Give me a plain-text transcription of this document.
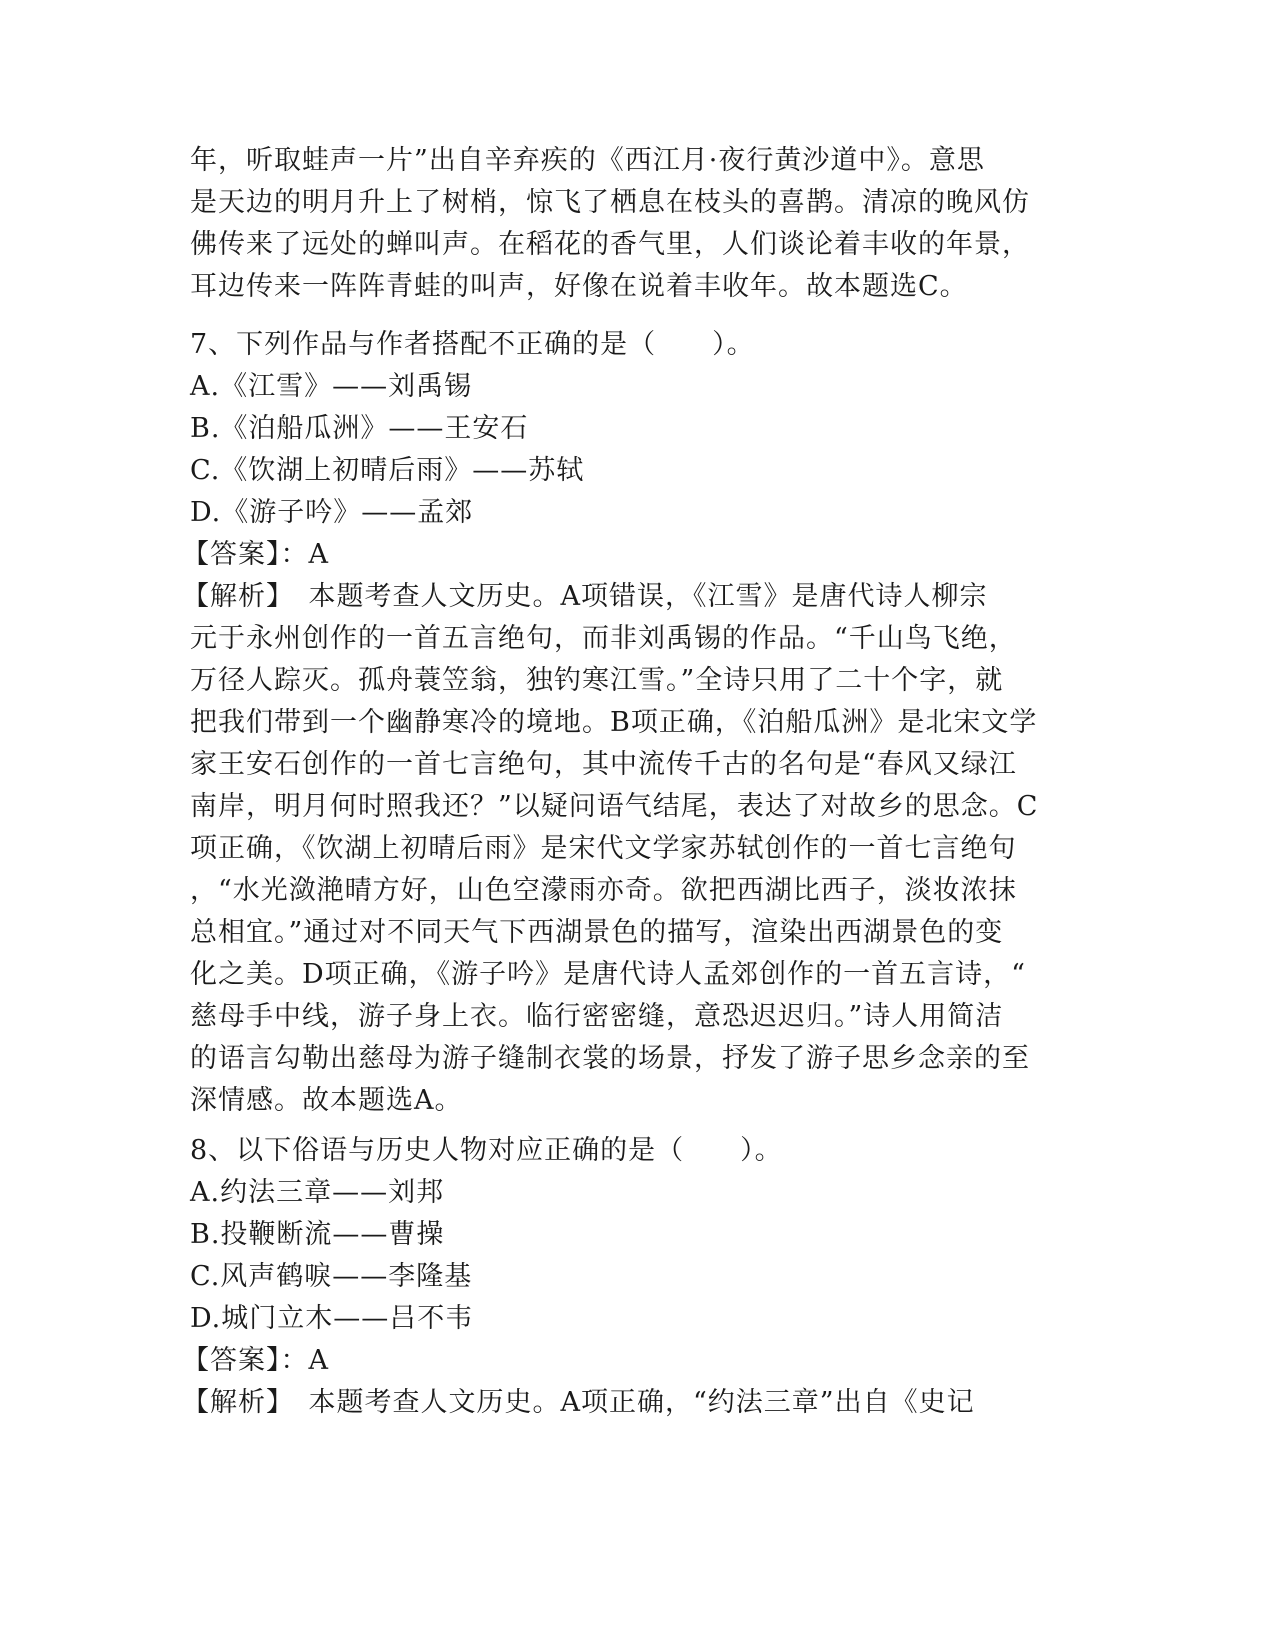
年，听取蛙声一片”出自辛弃疾的《西江月·夜行黄沙道中》。意思
是天边的明月升上了树梢，惊飞了栖息在枝头的喜鹊。清凉的晚风仿
佛传来了远处的蝉叫声。在稻花的香气里，人们谈论着丰收的年景，
耳边传来一阵阵青蛙的叫声，好像在说着丰收年。故本题选C。
7、下列作品与作者搭配不正确的是（　　）。
A.《江雪》——刘禹锡
B.《泊船瓜洲》——王安石
C.《饮湖上初晴后雨》——苏轼
D.《游子吟》——孟郊
【答案】：A
【解析】　本题考查人文历史。A项错误，《江雪》是唐代诗人柳宗
元于永州创作的一首五言绝句，而非刘禹锡的作品。“千山鸟飞绝，
万径人踪灭。孤舟蓑笠翁，独钓寒江雪。”全诗只用了二十个字，就
把我们带到一个幽静寒冷的境地。B项正确，《泊船瓜洲》是北宋文学
家王安石创作的一首七言绝句，其中流传千古的名句是“春风又绿江
南岸，明月何时照我还？”以疑问语气结尾，表达了对故乡的思念。C
项正确，《饮湖上初晴后雨》是宋代文学家苏轼创作的一首七言绝句
，“水光潋滟晴方好，山色空濛雨亦奇。欲把西湖比西子，淡妆浓抹
总相宜。”通过对不同天气下西湖景色的描写，渲染出西湖景色的变
化之美。D项正确，《游子吟》是唐代诗人孟郊创作的一首五言诗，“
慈母手中线，游子身上衣。临行密密缝，意恐迟迟归。”诗人用简洁
的语言勾勒出慈母为游子缝制衣裳的场景，抒发了游子思乡念亲的至
深情感。故本题选A。
8、以下俗语与历史人物对应正确的是（　　）。
A.约法三章——刘邦
B.投鞭断流——曹操
C.风声鹤唳——李隆基
D.城门立木——吕不韦
【答案】：A
【解析】　本题考查人文历史。A项正确，“约法三章”出自《史记
